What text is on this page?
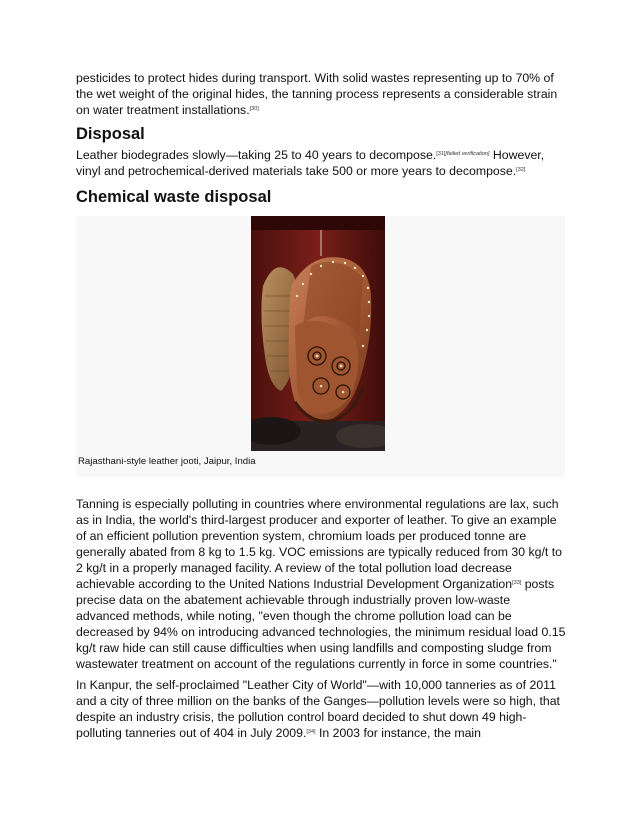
pesticides to protect hides during transport. With solid wastes representing up to 70% of the wet weight of the original hides, the tanning process represents a considerable strain on water treatment installations.[30]

Disposal

Leather biodegrades slowly—taking 25 to 40 years to decompose.[31][failed verification] However, vinyl and petrochemical-derived materials take 500 or more years to decompose.[32]

Chemical waste disposal
Rajasthani-style leather jooti, Jaipur, India

Tanning is especially polluting in countries where environmental regulations are lax, such as in India, the world's third-largest producer and exporter of leather. To give an example of an efficient pollution prevention system, chromium loads per produced tonne are generally abated from 8 kg to 1.5 kg. VOC emissions are typically reduced from 30 kg/t to 2 kg/t in a properly managed facility. A review of the total pollution load decrease achievable according to the United Nations Industrial Development Organization[33] posts precise data on the abatement achievable through industrially proven low-waste advanced methods, while noting, "even though the chrome pollution load can be decreased by 94% on introducing advanced technologies, the minimum residual load 0.15 kg/t raw hide can still cause difficulties when using landfills and composting sludge from wastewater treatment on account of the regulations currently in force in some countries."

In Kanpur, the self-proclaimed "Leather City of World"—with 10,000 tanneries as of 2011 and a city of three million on the banks of the Ganges—pollution levels were so high, that despite an industry crisis, the pollution control board decided to shut down 49 high-polluting tanneries out of 404 in July 2009.[34] In 2003 for instance, the main
